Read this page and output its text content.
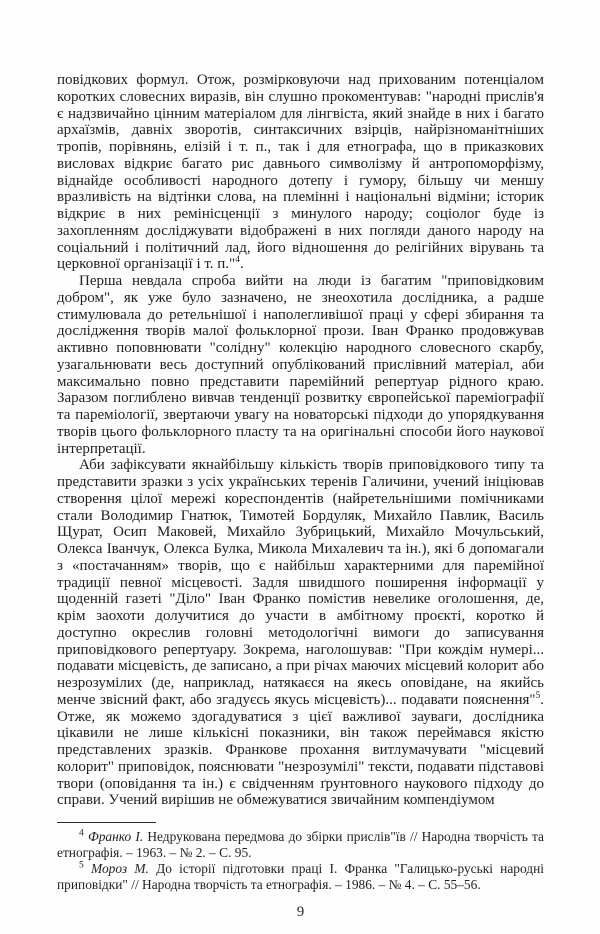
повідкових формул. Отож, розмірковуючи над прихованим потенціалом коротких словесних виразів, він слушно прокоментував: "народні прислів'я є надзвичайно цінним матеріалом для лінгвіста, який знайде в них і багато архаїзмів, давніх зворотів, синтаксичних взірців, найрізноманітніших тропів, порівнянь, елізій і т. п., так і для етнографа, що в приказкових висловах відкриє багато рис давнього символізму й антропоморфізму, віднайде особливості народного дотепу і гумору, більшу чи меншу вразливість на відтінки слова, на племінні і національні відміни; історик відкриє в них ремінісценції з минулого народу; соціолог буде із захопленням досліджувати відображені в них погляди даного народу на соціальний і політичний лад, його відношення до релігійних вірувань та церковної організації і т. п."$^4$.

Перша невдала спроба вийти на люди із багатим "приповідковим добром", як уже було зазначено, не знеохотила дослідника, а радше стимулювала до ретельнішої і наполегливішої праці у сфері збирання та дослідження творів малої фольклорної прози. Іван Франко продовжував активно поповнювати "солідну" колекцію народного словесного скарбу, узагальнювати весь доступний опублікований прислівний матеріал, аби максимально повно представити паремійний репертуар рідного краю. Заразом поглиблено вивчав тенденції розвитку європейської пареміографії та пареміології, звертаючи увагу на новаторські підходи до упорядкування творів цього фольклорного пласту та на оригінальні способи його наукової інтерпретації.

Аби зафіксувати якнайбільшу кількість творів приповідкового типу та представити зразки з усіх українських теренів Галичини, учений ініціював створення цілої мережі кореспондентів (найретельнішими помічниками стали Володимир Гнатюк, Тимотей Бордуляк, Михайло Павлик, Василь Щурат, Осип Маковей, Михайло Зубрицький, Михайло Мочульський, Олекса Іванчук, Олекса Булка, Микола Михалевич та ін.), які б допомагали з «постачанням» творів, що є найбільш характерними для паремійної традиції певної місцевості. Задля швидшого поширення інформації у щоденній газеті "Діло" Іван Франко помістив невелике оголошення, де, крім заохоти долучитися до участи в амбітному проєкті, коротко й доступно окреслив головні методологічні вимоги до записування приповідкового репертуару. Зокрема, наголошував: "При кождім нумері... подавати місцевість, де записано, а при річах маючих місцевий колорит або незрозумілих (де, наприклад, натякаєся на якесь оповідане, на якийсь менче звісний факт, або згадуєсь якусь місцевість)... подавати пояснення"$^5$. Отже, як можемо здогадуватися з цієї важливої зауваги, дослідника цікавили не лише кількісні показники, він також переймався якістю представлених зразків. Франкове прохання витлумачувати "місцевий колорит" приповідок, пояснювати "незрозумілі" тексти, подавати підставові твори (оповідання та ін.) є свідченням ґрунтовного наукового підходу до справи. Учений вирішив не обмежуватися звичайним компендіумом

$^4$ Франко І. Недрукована передмова до збірки прислів"їв // Народна творчість та етнографія. – 1963. – № 2. – С. 95.

$^5$ Мороз М. До історії підготовки праці І. Франка "Галицько-руські народні приповідки" // Народна творчість та етнографія. – 1986. – № 4. – С. 55–56.

9
